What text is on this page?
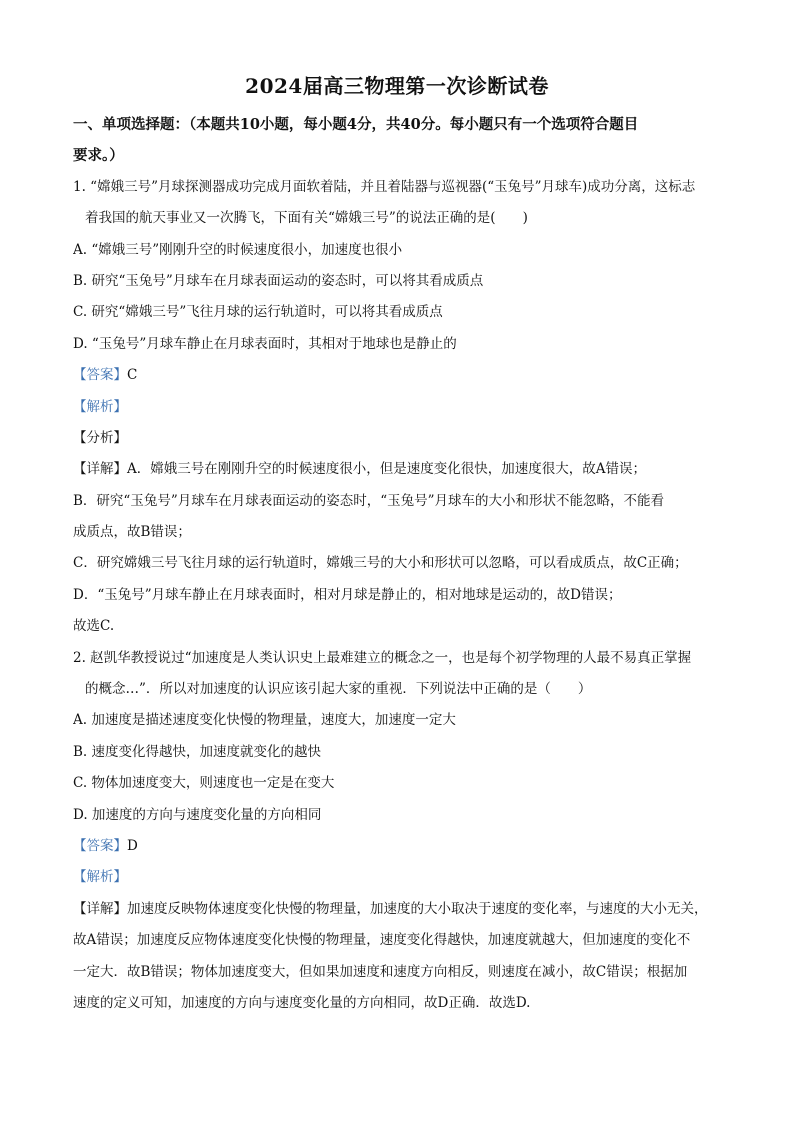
2024届高三物理第一次诊断试卷
一、单项选择题：（本题共10小题，每小题4分，共40分。每小题只有一个选项符合题目
要求。）
1. “嫦娥三号”月球探测器成功完成月面软着陆，并且着陆器与巡视器(“玉兔号”月球车)成功分离，这标志
着我国的航天事业又一次腾飞，下面有关“嫦娥三号”的说法正确的是(　　)
A. “嫦娥三号”刚刚升空的时候速度很小，加速度也很小
B. 研究“玉兔号”月球车在月球表面运动的姿态时，可以将其看成质点
C. 研究“嫦娥三号”飞往月球的运行轨道时，可以将其看成质点
D. “玉兔号”月球车静止在月球表面时，其相对于地球也是静止的
【答案】C
【解析】
【分析】
【详解】A．嫦娥三号在刚刚升空的时候速度很小，但是速度变化很快，加速度很大，故A错误；
B．研究“玉兔号”月球车在月球表面运动的姿态时，“玉兔号”月球车的大小和形状不能忽略，不能看
成质点，故B错误；
C．研究嫦娥三号飞往月球的运行轨道时，嫦娥三号的大小和形状可以忽略，可以看成质点，故C正确；
D．“玉兔号”月球车静止在月球表面时，相对月球是静止的，相对地球是运动的，故D错误；
故选C.
2. 赵凯华教授说过“加速度是人类认识史上最难建立的概念之一，也是每个初学物理的人最不易真正掌握
的概念…”．所以对加速度的认识应该引起大家的重视．下列说法中正确的是（　　）
A. 加速度是描述速度变化快慢的物理量，速度大，加速度一定大
B. 速度变化得越快，加速度就变化的越快
C. 物体加速度变大，则速度也一定是在变大
D. 加速度的方向与速度变化量的方向相同
【答案】D
【解析】
【详解】加速度反映物体速度变化快慢的物理量，加速度的大小取决于速度的变化率，与速度的大小无关，
故A错误；加速度反应物体速度变化快慢的物理量，速度变化得越快，加速度就越大，但加速度的变化不
一定大．故B错误；物体加速度变大，但如果加速度和速度方向相反，则速度在减小，故C错误；根据加
速度的定义可知，加速度的方向与速度变化量的方向相同，故D正确．故选D.
